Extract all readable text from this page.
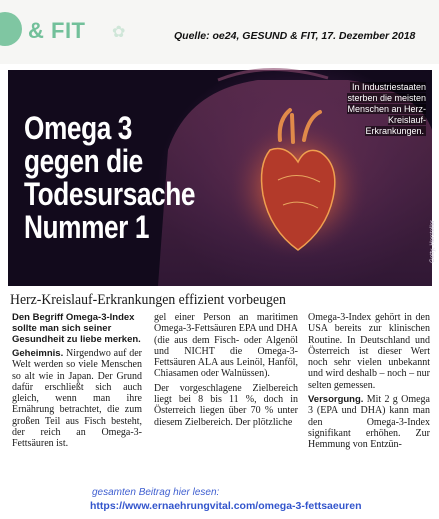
& FIT ✿	Quelle: oe24, GESUND & FIT, 17. Dezember 2018
Omega 3
gegen die
Todesursache
Nummer 1
In Industriestaaten sterben die meisten Menschen an Herz-Kreislauf-Erkrankungen.
Getty, Hersteller
Herz-Kreislauf-Erkrankungen effizient vorbeugen

Den Begriff Omega-3-Index sollte man sich seiner Gesundheit zu liebe merken.

Geheimnis. Nirgendwo auf der Welt werden so viele Menschen so alt wie in Japan. Der Grund dafür erschließt sich auch gleich, wenn man ihre Ernährung betrachtet, die zum großen Teil aus Fisch besteht, der reich an Omega-3-Fettsäuren ist.

gel einer Person an maritimen Omega-3-Fettsäuren EPA und DHA (die aus dem Fisch- oder Algenöl und NICHT die Omega-3-Fettsäuren ALA aus Leinöl, Hanföl, Chiasamen oder Walnüssen).

Der vorgeschlagene Zielbereich liegt bei 8 bis 11 %, doch in Österreich liegen über 70 % unter diesem Zielbereich. Der plötzliche

Omega-3-Index gehört in den USA bereits zur klinischen Routine. In Deutschland und Österreich ist dieser Wert noch sehr vielen unbekannt und wird deshalb – noch – nur selten gemessen.

Versorgung. Mit 2 g Omega 3 (EPA und DHA) kann man den Omega-3-Index signifikant erhöhen. Zur Hemmung von Entzün-

gesamten Beitrag hier lesen:
https://www.ernaehrungvital.com/omega-3-fettsaeuren
